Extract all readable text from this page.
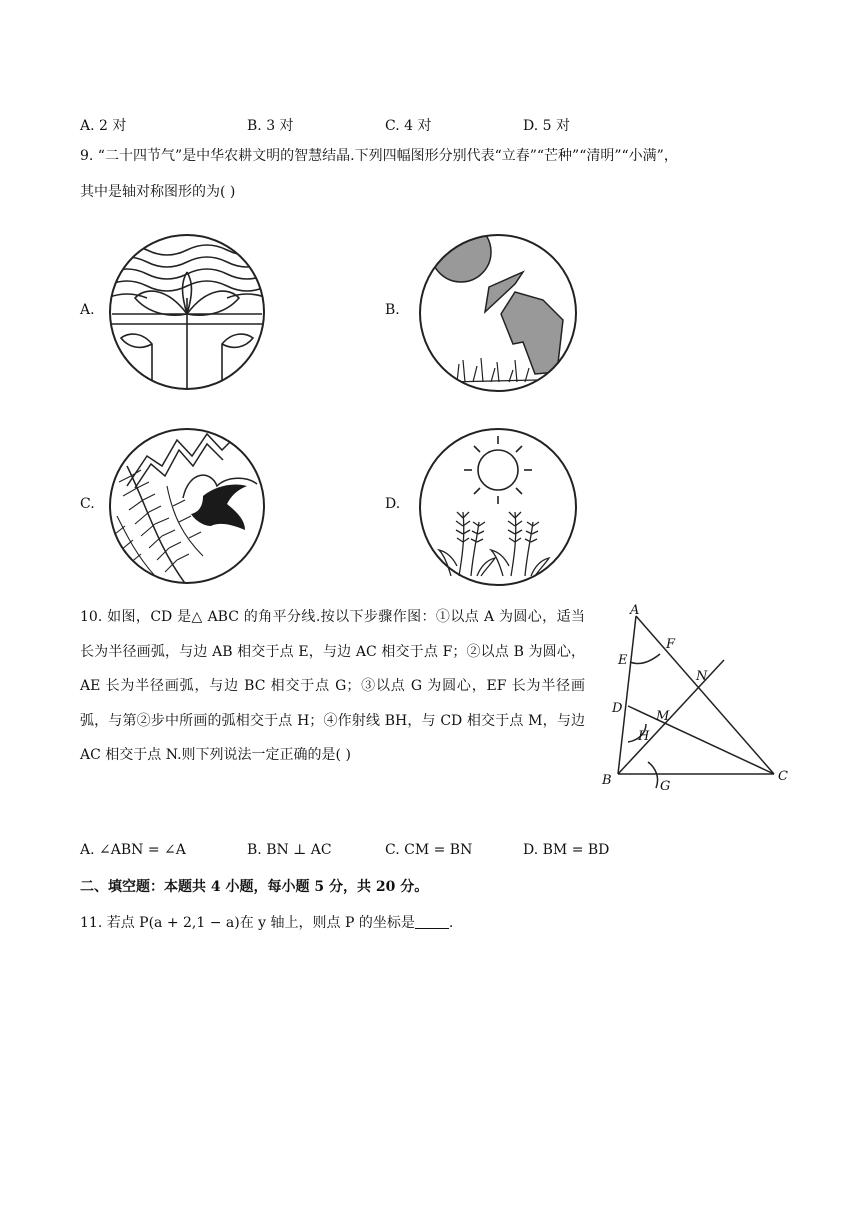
A. 2 对	B. 3 对	C. 4 对	D. 5 对
9. “二十四节气”是中华农耕文明的智慧结晶.下列四幅图形分别代表“立春”“芒种”“清明”“小满”，
其中是轴对称图形的为( )
A.	B.
C.	D.
10. 如图，CD 是△ ABC 的角平分线.按以下步骤作图：①以点 A 为圆心，适当长为半径画弧，与边 AB 相交于点 E，与边 AC 相交于点 F；②以点 B 为圆心，AE 长为半径画弧，与边 BC 相交于点 G；③以点 G 为圆心，EF 长为半径画弧，与第②步中所画的弧相交于点 H；④作射线 BH，与 CD 相交于点 M，与边 AC 相交于点 N.则下列说法一定正确的是( )
A
B	C
D
E
F
G
H
M
N
A. ∠ABN = ∠A	B. BN ⊥ AC	C. CM = BN	D. BM = BD
二、填空题：本题共 4 小题，每小题 5 分，共 20 分。
11. 若点 P(a + 2,1 − a)在 y 轴上，则点 P 的坐标是 .
